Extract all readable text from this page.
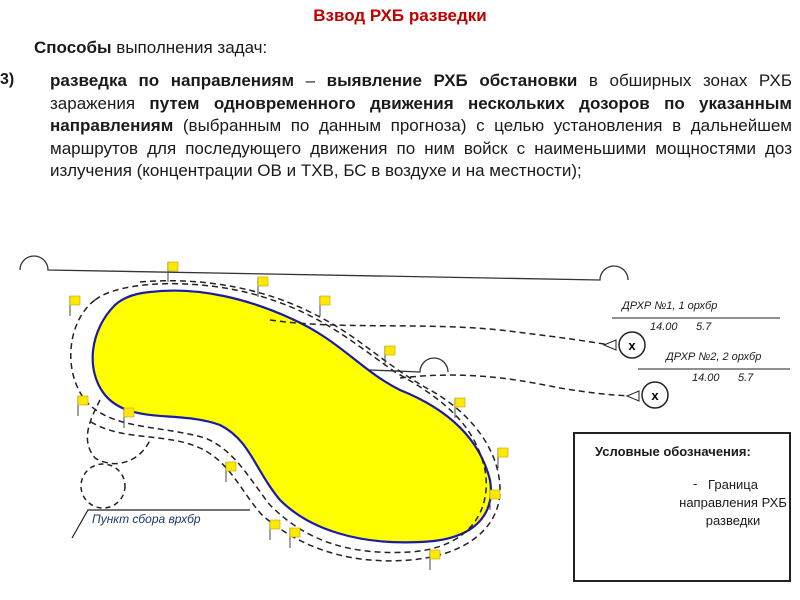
Взвод РХБ разведки
Способы выполнения задач:
3) разведка по направлениям – выявление РХБ обстановки в обширных зонах РХБ заражения путем одновременного движения нескольких дозоров по указанным направлениям (выбранным по данным прогноза) с целью установления в дальнейшем маршрутов для последующего движения по ним войск с наименьшими мощностями доз излучения (концентрации ОВ и ТХВ, БС в воздухе и на местности);
х
х
ДРХР №1, 1 орхбр
14.00 5.7
ДРХР №2, 2 орхбр
14.00 5.7
Пункт сбора врхбр
Условные обозначения:
- Граница направления РХБ разведки
